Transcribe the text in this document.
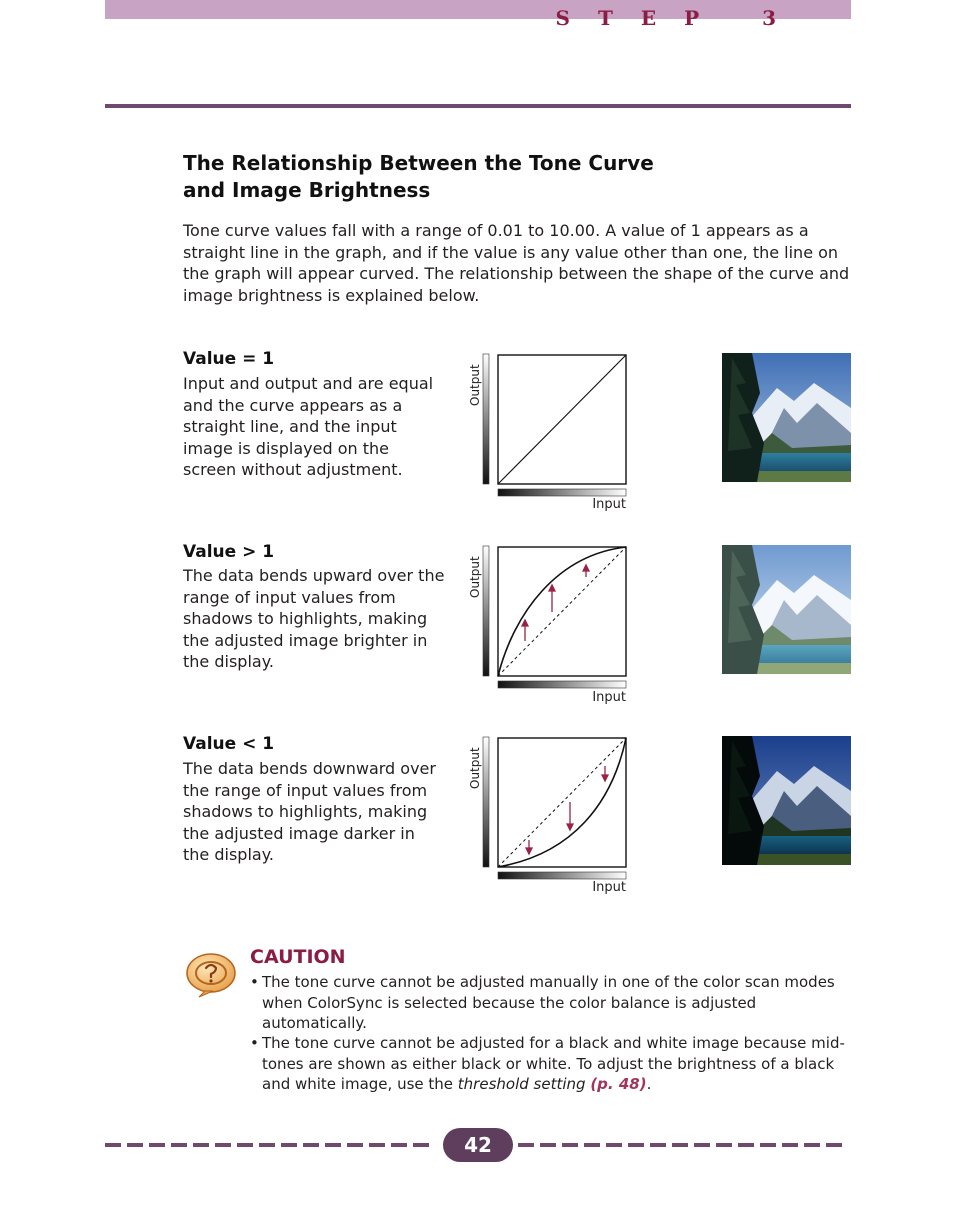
STEP 3
The Relationship Between the Tone Curve
and Image Brightness
Tone curve values fall with a range of 0.01 to 10.00. A value of 1 appears as a straight line in the graph, and if the value is any value other than one, the line on the graph will appear curved. The relationship between the shape of the curve and image brightness is explained below.
Value = 1
Input and output and are equal and the curve appears as a straight line, and the input image is displayed on the screen without adjustment.
Output
Input
Value > 1
The data bends upward over the range of input values from shadows to highlights, making the adjusted image brighter in the display.
Output
Input
Value < 1
The data bends downward over the range of input values from shadows to highlights, making the adjusted image darker in the display.
Output
Input
CAUTION
• The tone curve cannot be adjusted manually in one of the color scan modes when ColorSync is selected because the color balance is adjusted automatically.
• The tone curve cannot be adjusted for a black and white image because mid-tones are shown as either black or white. To adjust the brightness of a black and white image, use the threshold setting (p. 48).
42
